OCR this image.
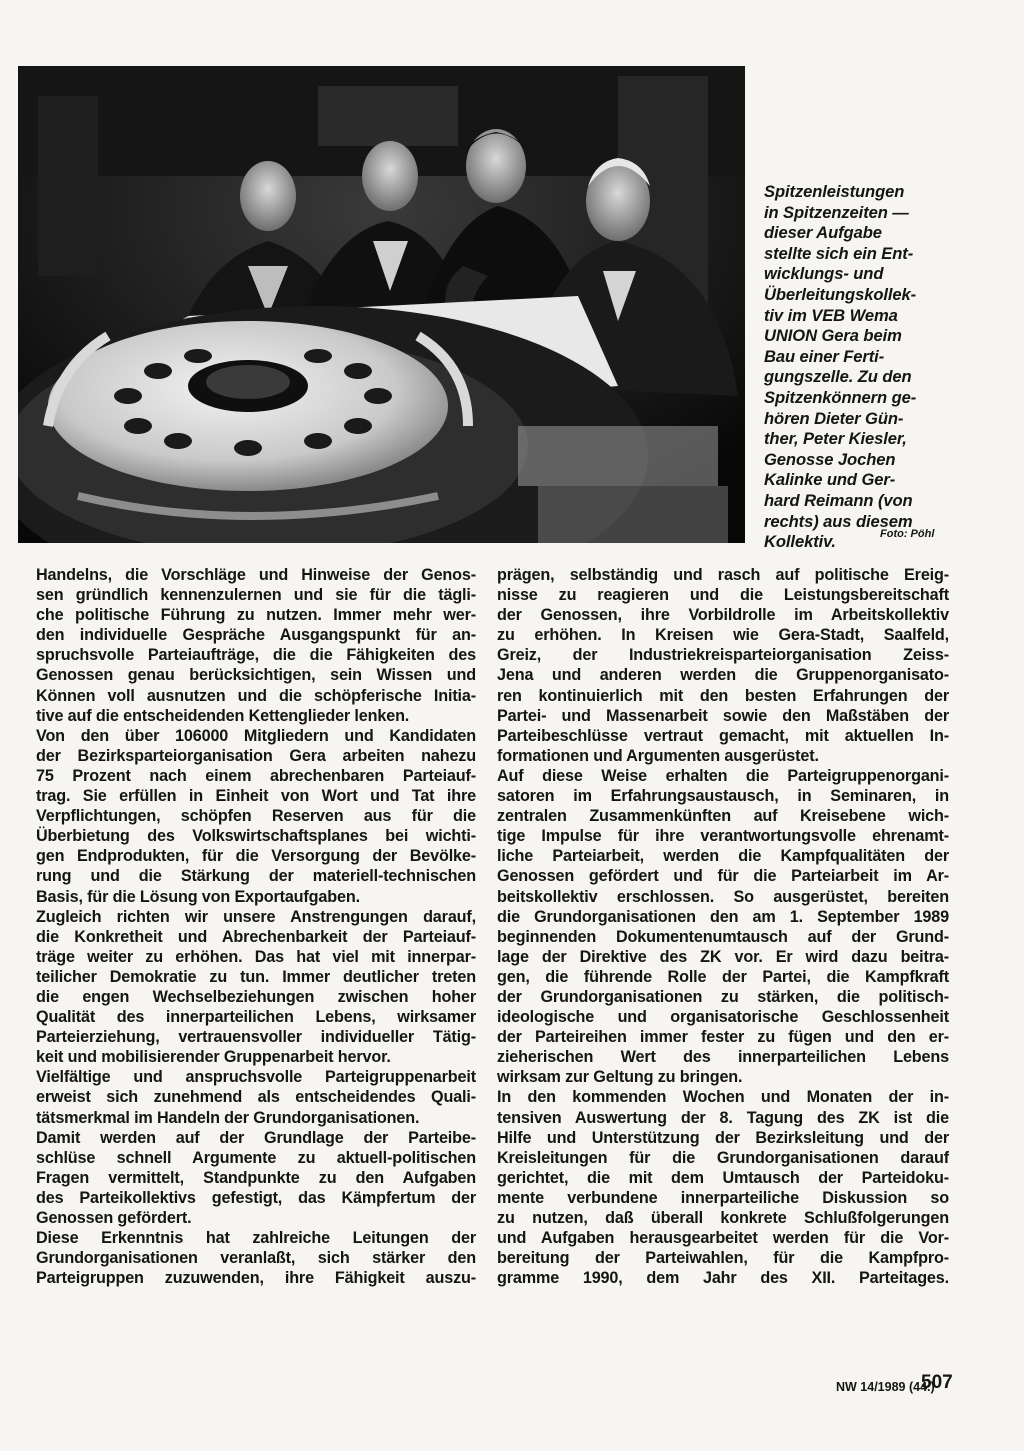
Spitzenleistungen
in Spitzenzeiten —
dieser Aufgabe
stellte sich ein Ent-
wicklungs- und
Überleitungskollek-
tiv im VEB Wema
UNION Gera beim
Bau einer Ferti-
gungszelle. Zu den
Spitzenkönnern ge-
hören Dieter Gün-
ther, Peter Kiesler,
Genosse Jochen
Kalinke und Ger-
hard Reimann (von
rechts) aus diesem
Kollektiv.	Foto: Pöhl
Handelns, die Vorschläge und Hinweise der Genos-
sen gründlich kennenzulernen und sie für die tägli-
che politische Führung zu nutzen. Immer mehr wer-
den individuelle Gespräche Ausgangspunkt für an-
spruchsvolle Parteiaufträge, die die Fähigkeiten des
Genossen genau berücksichtigen, sein Wissen und
Können voll ausnutzen und die schöpferische Initia-
tive auf die entscheidenden Kettenglieder lenken.
Von den über 106000 Mitgliedern und Kandidaten
der Bezirksparteiorganisation Gera arbeiten nahezu
75 Prozent nach einem abrechenbaren Parteiauf-
trag. Sie erfüllen in Einheit von Wort und Tat ihre
Verpflichtungen, schöpfen Reserven aus für die
Überbietung des Volkswirtschaftsplanes bei wichti-
gen Endprodukten, für die Versorgung der Bevölke-
rung und die Stärkung der materiell-technischen
Basis, für die Lösung von Exportaufgaben.
Zugleich richten wir unsere Anstrengungen darauf,
die Konkretheit und Abrechenbarkeit der Parteiauf-
träge weiter zu erhöhen. Das hat viel mit innerpar-
teilicher Demokratie zu tun. Immer deutlicher treten
die engen Wechselbeziehungen zwischen hoher
Qualität des innerparteilichen Lebens, wirksamer
Parteierziehung, vertrauensvoller individueller Tätig-
keit und mobilisierender Gruppenarbeit hervor.
Vielfältige und anspruchsvolle Parteigruppenarbeit
erweist sich zunehmend als entscheidendes Quali-
tätsmerkmal im Handeln der Grundorganisationen.
Damit werden auf der Grundlage der Parteibe-
schlüse schnell Argumente zu aktuell-politischen
Fragen vermittelt, Standpunkte zu den Aufgaben
des Parteikollektivs gefestigt, das Kämpfertum der
Genossen gefördert.
Diese Erkenntnis hat zahlreiche Leitungen der
Grundorganisationen veranlaßt, sich stärker den
Parteigruppen zuzuwenden, ihre Fähigkeit auszu-
prägen, selbständig und rasch auf politische Ereig-
nisse zu reagieren und die Leistungsbereitschaft
der Genossen, ihre Vorbildrolle im Arbeitskollektiv
zu erhöhen. In Kreisen wie Gera-Stadt, Saalfeld,
Greiz, der Industriekreisparteiorganisation Zeiss-
Jena und anderen werden die Gruppenorganisato-
ren kontinuierlich mit den besten Erfahrungen der
Partei- und Massenarbeit sowie den Maßstäben der
Parteibeschlüsse vertraut gemacht, mit aktuellen In-
formationen und Argumenten ausgerüstet.
Auf diese Weise erhalten die Parteigruppenorgani-
satoren im Erfahrungsaustausch, in Seminaren, in
zentralen Zusammenkünften auf Kreisebene wich-
tige Impulse für ihre verantwortungsvolle ehrenamt-
liche Parteiarbeit, werden die Kampfqualitäten der
Genossen gefördert und für die Parteiarbeit im Ar-
beitskollektiv erschlossen. So ausgerüstet, bereiten
die Grundorganisationen den am 1. September 1989
beginnenden Dokumentenumtausch auf der Grund-
lage der Direktive des ZK vor. Er wird dazu beitra-
gen, die führende Rolle der Partei, die Kampfkraft
der Grundorganisationen zu stärken, die politisch-
ideologische und organisatorische Geschlossenheit
der Parteireihen immer fester zu fügen und den er-
zieherischen Wert des innerparteilichen Lebens
wirksam zur Geltung zu bringen.
In den kommenden Wochen und Monaten der in-
tensiven Auswertung der 8. Tagung des ZK ist die
Hilfe und Unterstützung der Bezirksleitung und der
Kreisleitungen für die Grundorganisationen darauf
gerichtet, die mit dem Umtausch der Parteidoku-
mente verbundene innerparteiliche Diskussion so
zu nutzen, daß überall konkrete Schlußfolgerungen
und Aufgaben herausgearbeitet werden für die Vor-
bereitung der Parteiwahlen, für die Kampfpro-
gramme 1990, dem Jahr des XII. Parteitages.
NW 14/1989 (44.)
507
